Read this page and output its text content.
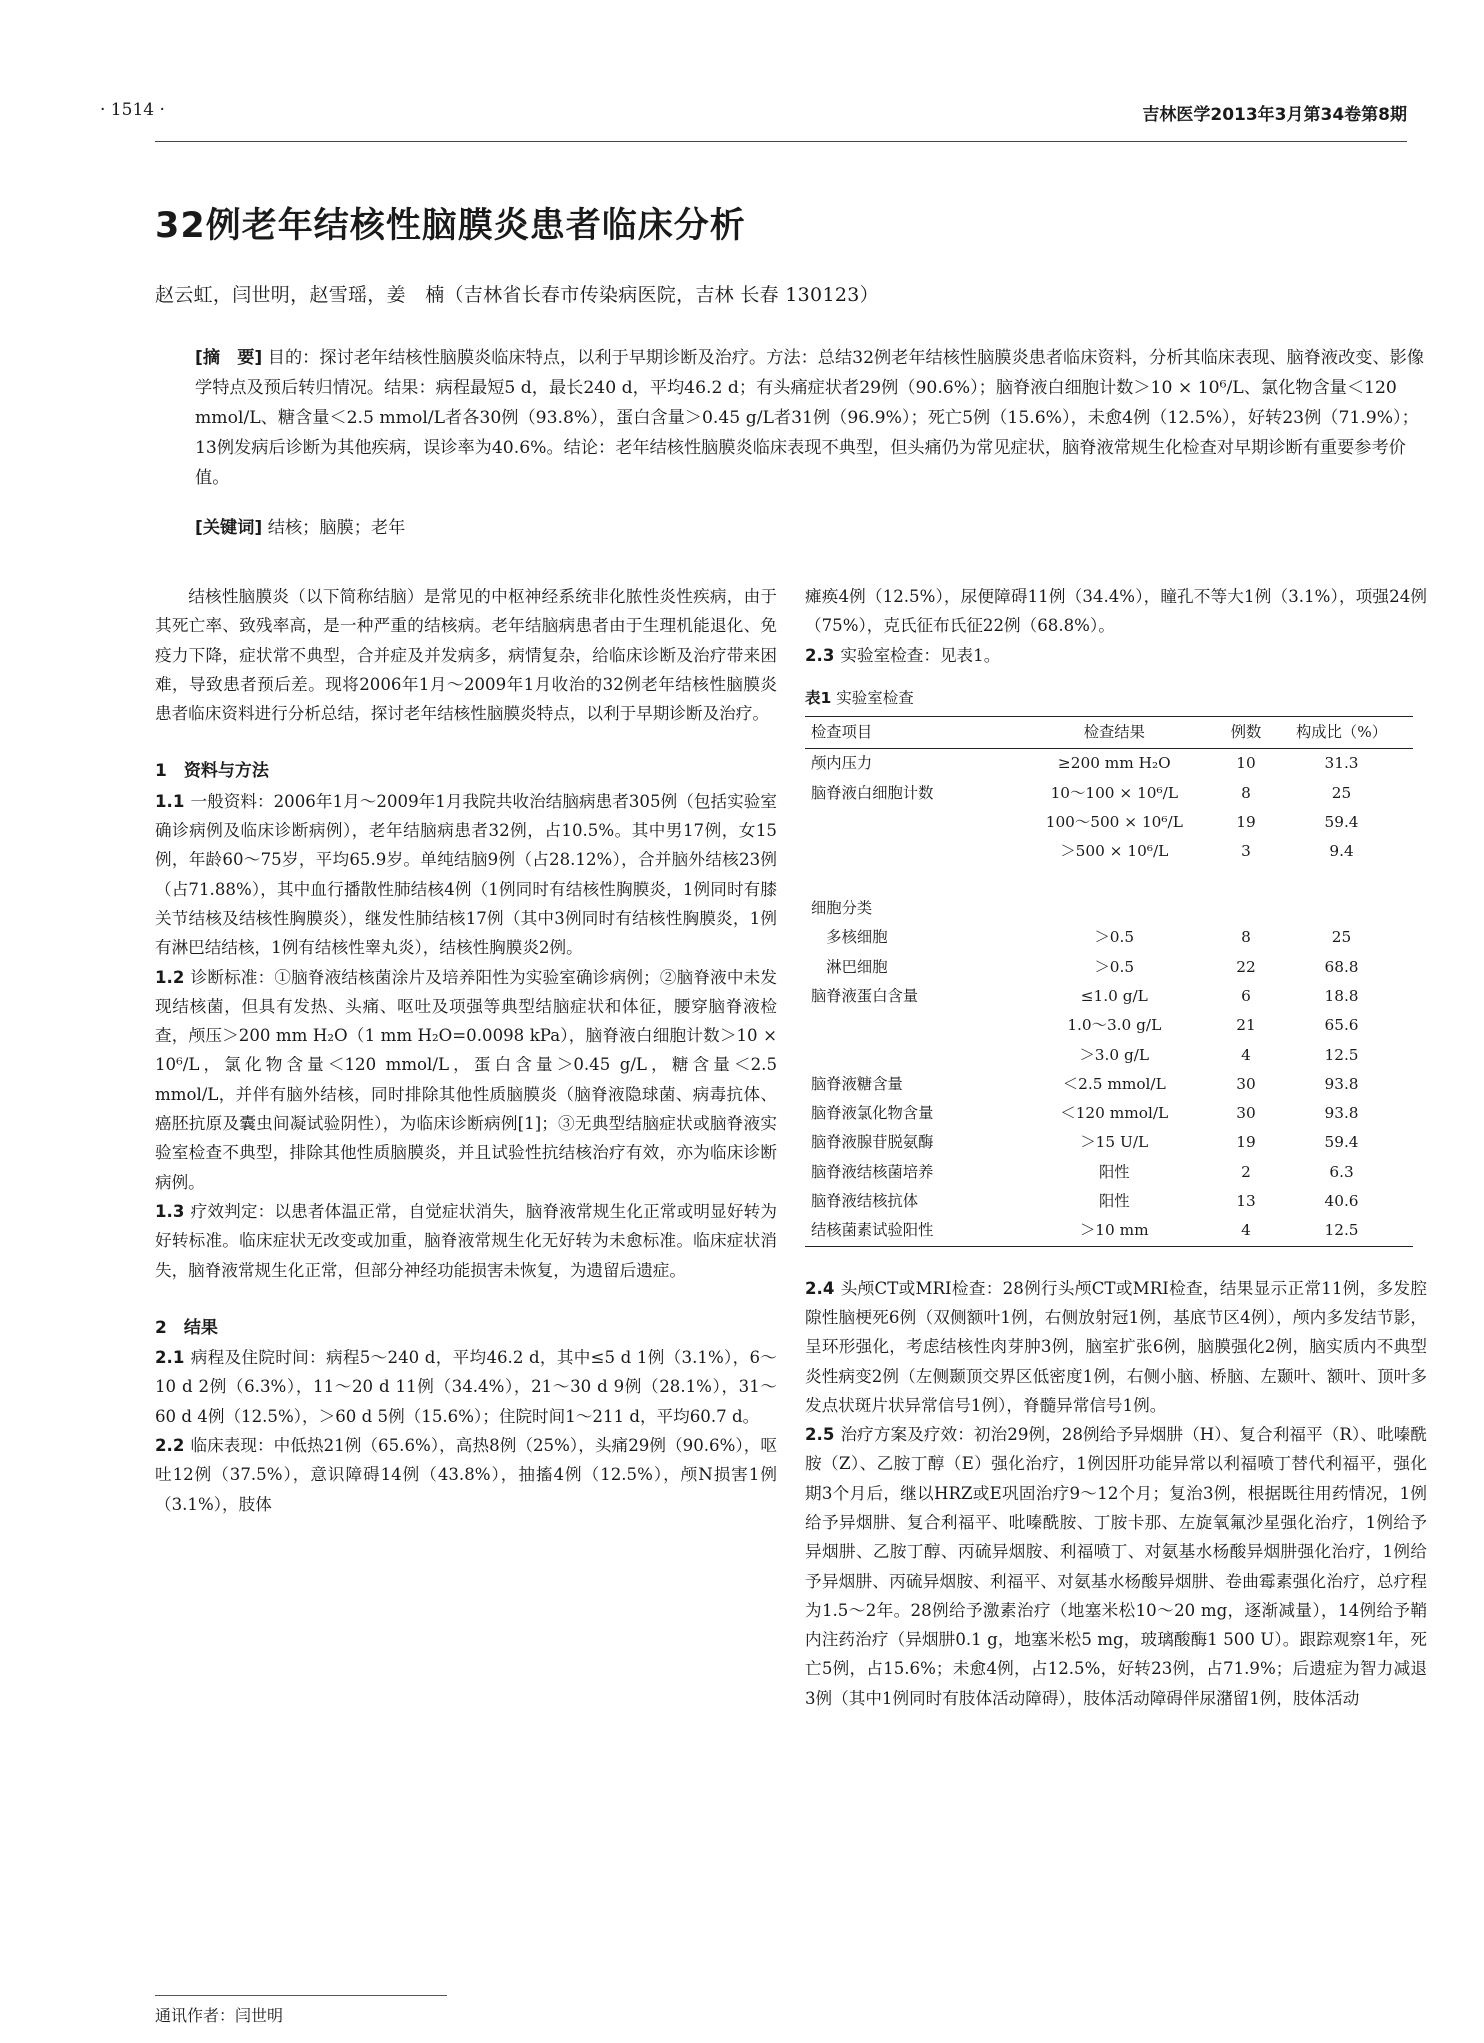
· 1514 ·	吉林医学2013年3月第34卷第8期
32例老年结核性脑膜炎患者临床分析
赵云虹，闫世明，赵雪瑶，姜　楠（吉林省长春市传染病医院，吉林 长春 130123）
[摘　要] 目的：探讨老年结核性脑膜炎临床特点，以利于早期诊断及治疗。方法：总结32例老年结核性脑膜炎患者临床资料，分析其临床表现、脑脊液改变、影像学特点及预后转归情况。结果：病程最短5 d，最长240 d，平均46.2 d；有头痛症状者29例（90.6%）；脑脊液白细胞计数＞10 × 10⁶/L、氯化物含量＜120 mmol/L、糖含量＜2.5 mmol/L者各30例（93.8%），蛋白含量＞0.45 g/L者31例（96.9%）；死亡5例（15.6%），未愈4例（12.5%），好转23例（71.9%）；13例发病后诊断为其他疾病，误诊率为40.6%。结论：老年结核性脑膜炎临床表现不典型，但头痛仍为常见症状，脑脊液常规生化检查对早期诊断有重要参考价值。
[关键词] 结核；脑膜；老年

结核性脑膜炎（以下简称结脑）是常见的中枢神经系统非化脓性炎性疾病，由于其死亡率、致残率高，是一种严重的结核病。老年结脑病患者由于生理机能退化、免疫力下降，症状常不典型，合并症及并发病多，病情复杂，给临床诊断及治疗带来困难，导致患者预后差。现将2006年1月～2009年1月收治的32例老年结核性脑膜炎患者临床资料进行分析总结，探讨老年结核性脑膜炎特点，以利于早期诊断及治疗。

1　资料与方法

1.1 一般资料：2006年1月～2009年1月我院共收治结脑病患者305例（包括实验室确诊病例及临床诊断病例），老年结脑病患者32例，占10.5%。其中男17例，女15例，年龄60～75岁，平均65.9岁。单纯结脑9例（占28.12%），合并脑外结核23例（占71.88%），其中血行播散性肺结核4例（1例同时有结核性胸膜炎，1例同时有膝关节结核及结核性胸膜炎），继发性肺结核17例（其中3例同时有结核性胸膜炎，1例有淋巴结结核，1例有结核性睾丸炎），结核性胸膜炎2例。

1.2 诊断标准：①脑脊液结核菌涂片及培养阳性为实验室确诊病例；②脑脊液中未发现结核菌，但具有发热、头痛、呕吐及项强等典型结脑症状和体征，腰穿脑脊液检查，颅压＞200 mm H₂O（1 mm H₂O=0.0098 kPa），脑脊液白细胞计数＞10 × 10⁶/L，氯化物含量＜120 mmol/L，蛋白含量＞0.45 g/L，糖含量＜2.5 mmol/L，并伴有脑外结核，同时排除其他性质脑膜炎（脑脊液隐球菌、病毒抗体、癌胚抗原及囊虫间凝试验阴性），为临床诊断病例[1]；③无典型结脑症状或脑脊液实验室检查不典型，排除其他性质脑膜炎，并且试验性抗结核治疗有效，亦为临床诊断病例。

1.3 疗效判定：以患者体温正常，自觉症状消失，脑脊液常规生化正常或明显好转为好转标准。临床症状无改变或加重，脑脊液常规生化无好转为未愈标准。临床症状消失，脑脊液常规生化正常，但部分神经功能损害未恢复，为遗留后遗症。

2　结果

2.1 病程及住院时间：病程5～240 d，平均46.2 d，其中≤5 d 1例（3.1%），6～10 d 2例（6.3%），11～20 d 11例（34.4%），21～30 d 9例（28.1%），31～60 d 4例（12.5%），＞60 d 5例（15.6%）；住院时间1～211 d，平均60.7 d。

2.2 临床表现：中低热21例（65.6%），高热8例（25%），头痛29例（90.6%），呕吐12例（37.5%），意识障碍14例（43.8%），抽搐4例（12.5%），颅N损害1例（3.1%），肢体

瘫痪4例（12.5%），尿便障碍11例（34.4%），瞳孔不等大1例（3.1%），项强24例（75%），克氏征布氏征22例（68.8%）。

2.3 实验室检查：见表1。

表1 实验室检查
检查项目	检查结果	例数	构成比（%）
颅内压力	≥200 mm H₂O	10	31.3
脑脊液白细胞计数	10～100 × 10⁶/L	8	25
	100～500 × 10⁶/L	19	59.4
	＞500 × 10⁶/L	3	9.4

细胞分类			
　多核细胞	＞0.5	8	25
　淋巴细胞	＞0.5	22	68.8
脑脊液蛋白含量	≤1.0 g/L	6	18.8
	1.0～3.0 g/L	21	65.6
	＞3.0 g/L	4	12.5
脑脊液糖含量	＜2.5 mmol/L	30	93.8
脑脊液氯化物含量	＜120 mmol/L	30	93.8
脑脊液腺苷脱氨酶	＞15 U/L	19	59.4
脑脊液结核菌培养	阳性	2	6.3
脑脊液结核抗体	阳性	13	40.6
结核菌素试验阳性	＞10 mm	4	12.5

2.4 头颅CT或MRI检查：28例行头颅CT或MRI检查，结果显示正常11例，多发腔隙性脑梗死6例（双侧额叶1例，右侧放射冠1例，基底节区4例），颅内多发结节影，呈环形强化，考虑结核性肉芽肿3例，脑室扩张6例，脑膜强化2例，脑实质内不典型炎性病变2例（左侧颞顶交界区低密度1例，右侧小脑、桥脑、左颞叶、额叶、顶叶多发点状斑片状异常信号1例），脊髓异常信号1例。

2.5 治疗方案及疗效：初治29例，28例给予异烟肼（H）、复合利福平（R）、吡嗪酰胺（Z）、乙胺丁醇（E）强化治疗，1例因肝功能异常以利福喷丁替代利福平，强化期3个月后，继以HRZ或E巩固治疗9～12个月；复治3例，根据既往用药情况，1例给予异烟肼、复合利福平、吡嗪酰胺、丁胺卡那、左旋氧氟沙星强化治疗，1例给予异烟肼、乙胺丁醇、丙硫异烟胺、利福喷丁、对氨基水杨酸异烟肼强化治疗，1例给予异烟肼、丙硫异烟胺、利福平、对氨基水杨酸异烟肼、卷曲霉素强化治疗，总疗程为1.5～2年。28例给予激素治疗（地塞米松10～20 mg，逐渐减量），14例给予鞘内注药治疗（异烟肼0.1 g，地塞米松5 mg，玻璃酸酶1 500 U）。跟踪观察1年，死亡5例，占15.6%；未愈4例，占12.5%，好转23例，占71.9%；后遗症为智力减退3例（其中1例同时有肢体活动障碍），肢体活动障碍伴尿潴留1例，肢体活动

通讯作者：闫世明
